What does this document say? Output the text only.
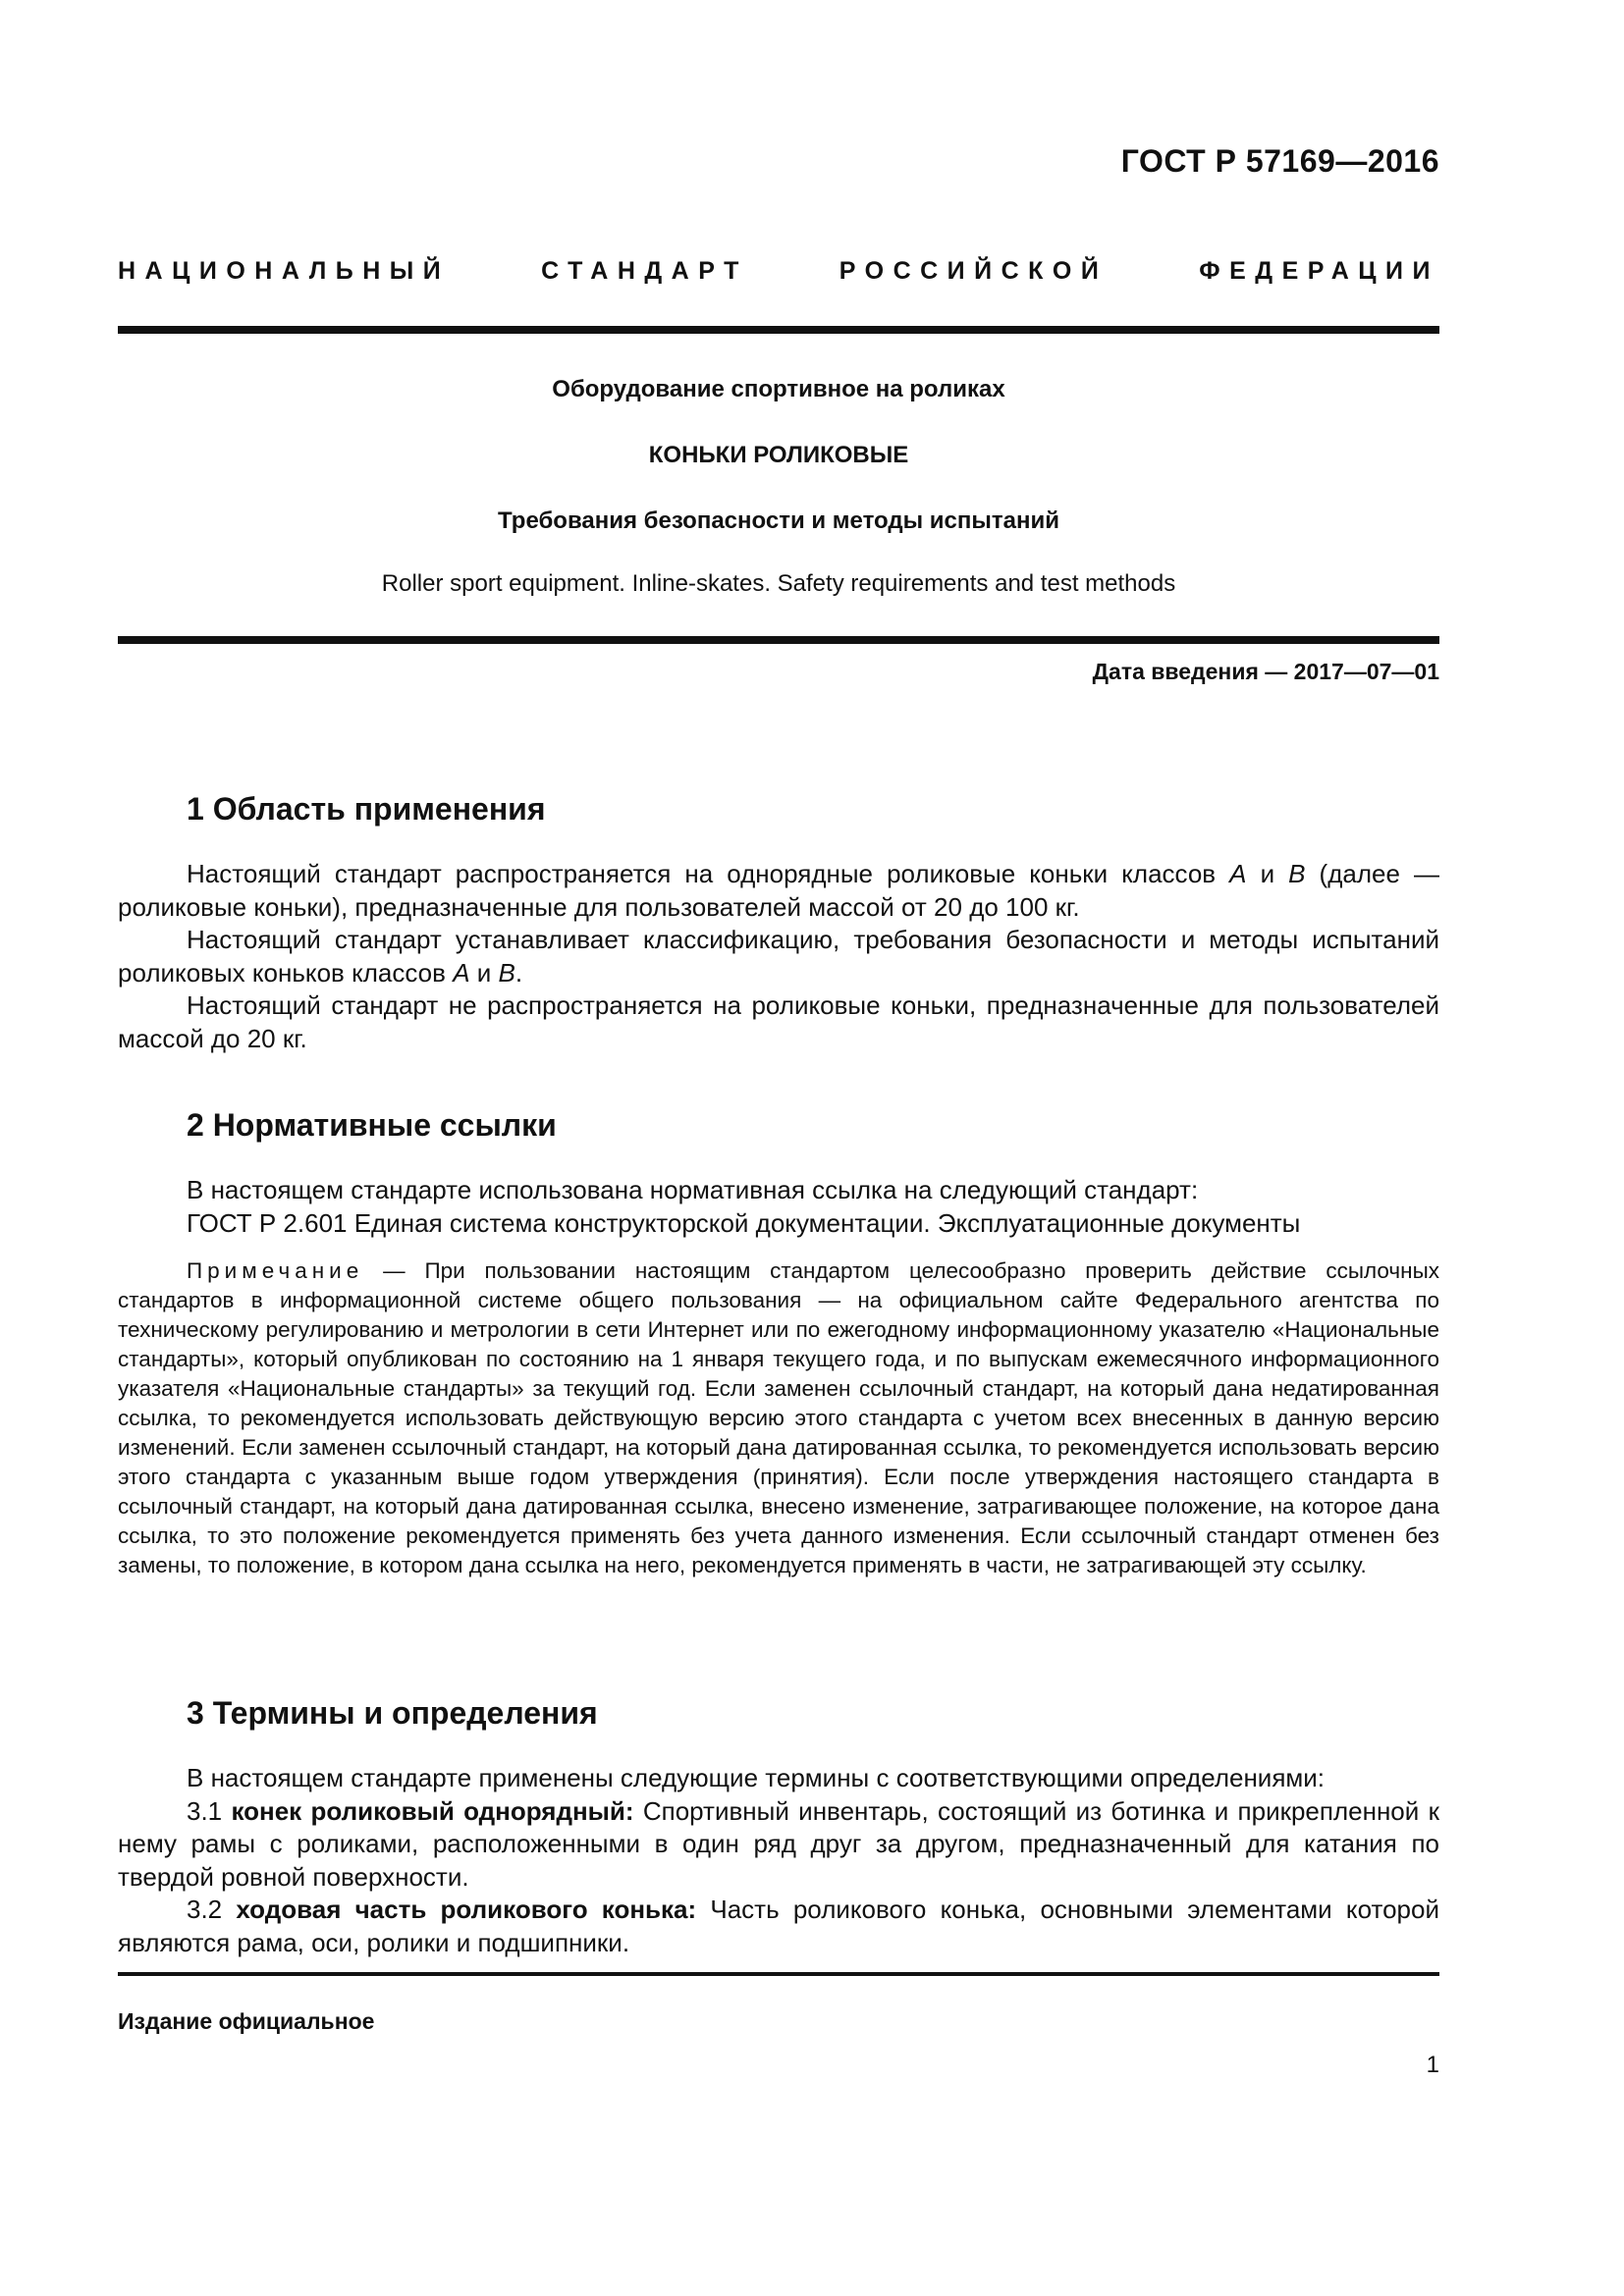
ГОСТ Р 57169—2016
НАЦИОНАЛЬНЫЙ СТАНДАРТ РОССИЙСКОЙ ФЕДЕРАЦИИ
Оборудование спортивное на роликах
КОНЬКИ РОЛИКОВЫЕ
Требования безопасности и методы испытаний
Roller sport equipment. Inline-skates. Safety requirements and test methods
Дата введения — 2017—07—01
1 Область применения

Настоящий стандарт распространяется на однорядные роликовые коньки классов А и В (далее — роликовые коньки), предназначенные для пользователей массой от 20 до 100 кг.

Настоящий стандарт устанавливает классификацию, требования безопасности и методы испытаний роликовых коньков классов А и В.

Настоящий стандарт не распространяется на роликовые коньки, предназначенные для пользователей массой до 20 кг.

2 Нормативные ссылки

В настоящем стандарте использована нормативная ссылка на следующий стандарт:

ГОСТ Р 2.601 Единая система конструкторской документации. Эксплуатационные документы

Примечание — При пользовании настоящим стандартом целесообразно проверить действие ссылочных стандартов в информационной системе общего пользования — на официальном сайте Федерального агентства по техническому регулированию и метрологии в сети Интернет или по ежегодному информационному указателю «Национальные стандарты», который опубликован по состоянию на 1 января текущего года, и по выпускам ежемесячного информационного указателя «Национальные стандарты» за текущий год. Если заменен ссылочный стандарт, на который дана недатированная ссылка, то рекомендуется использовать действующую версию этого стандарта с учетом всех внесенных в данную версию изменений. Если заменен ссылочный стандарт, на который дана датированная ссылка, то рекомендуется использовать версию этого стандарта с указанным выше годом утверждения (принятия). Если после утверждения настоящего стандарта в ссылочный стандарт, на который дана датированная ссылка, внесено изменение, затрагивающее положение, на которое дана ссылка, то это положение рекомендуется применять без учета данного изменения. Если ссылочный стандарт отменен без замены, то положение, в котором дана ссылка на него, рекомендуется применять в части, не затрагивающей эту ссылку.
3 Термины и определения

В настоящем стандарте применены следующие термины с соответствующими определениями:

3.1 конек роликовый однорядный: Спортивный инвентарь, состоящий из ботинка и прикрепленной к нему рамы с роликами, расположенными в один ряд друг за другом, предназначенный для катания по твердой ровной поверхности.

3.2 ходовая часть роликового конька: Часть роликового конька, основными элементами которой являются рама, оси, ролики и подшипники.

Издание официальное
1
